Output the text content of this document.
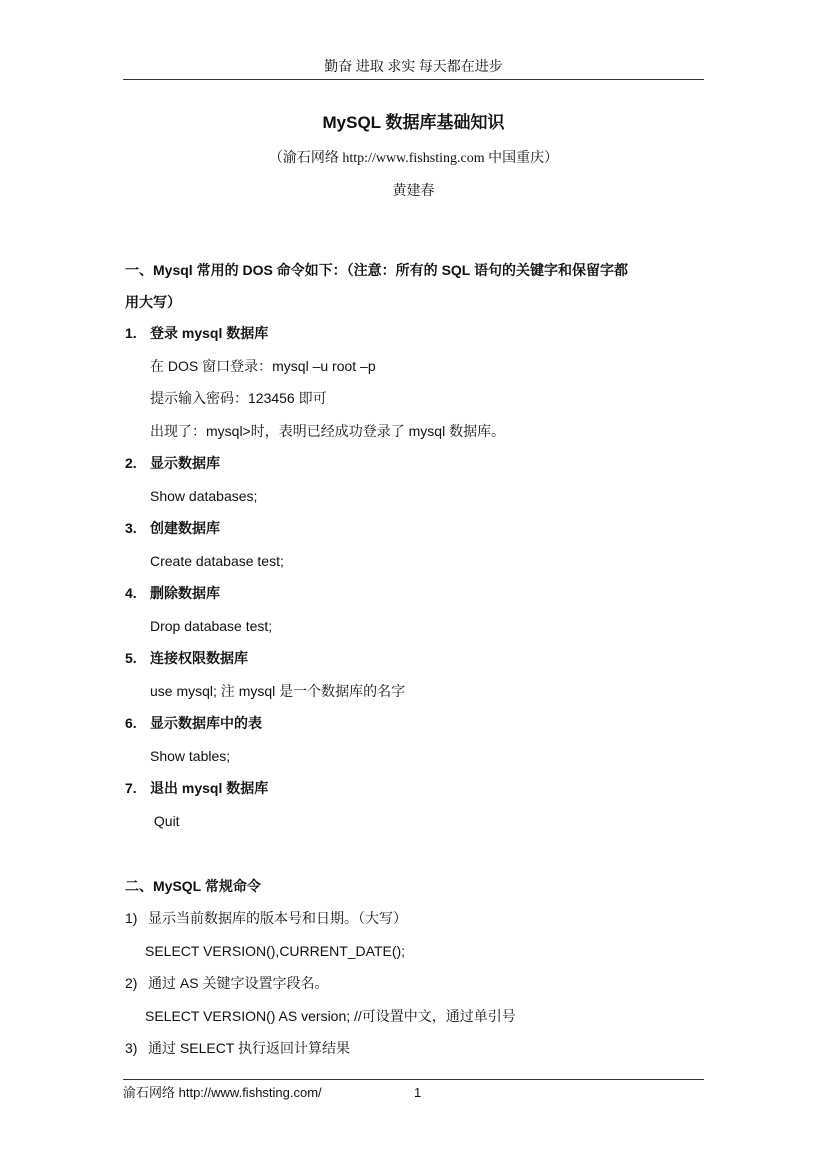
勤奋 进取 求实 每天都在进步
MySQL 数据库基础知识
（渝石网络 http://www.fishsting.com 中国重庆）
黄建春
一、Mysql 常用的 DOS 命令如下：（注意：所有的 SQL 语句的关键字和保留字都
用大写）
1. 登录 mysql 数据库
在 DOS 窗口登录：mysql –u root –p
提示输入密码：123456 即可
出现了：mysql>时，表明已经成功登录了 mysql 数据库。
2. 显示数据库
Show databases;
3. 创建数据库
Create database test;
4. 删除数据库
Drop database test;
5. 连接权限数据库
use mysql; 注 mysql 是一个数据库的名字
6. 显示数据库中的表
Show tables;
7. 退出 mysql 数据库
Quit
二、MySQL 常规命令
1) 显示当前数据库的版本号和日期。（大写）
SELECT VERSION(),CURRENT_DATE();
2) 通过 AS 关键字设置字段名。
SELECT VERSION() AS version; //可设置中文，通过单引号
3) 通过 SELECT 执行返回计算结果
渝石网络 http://www.fishsting.com/	1
